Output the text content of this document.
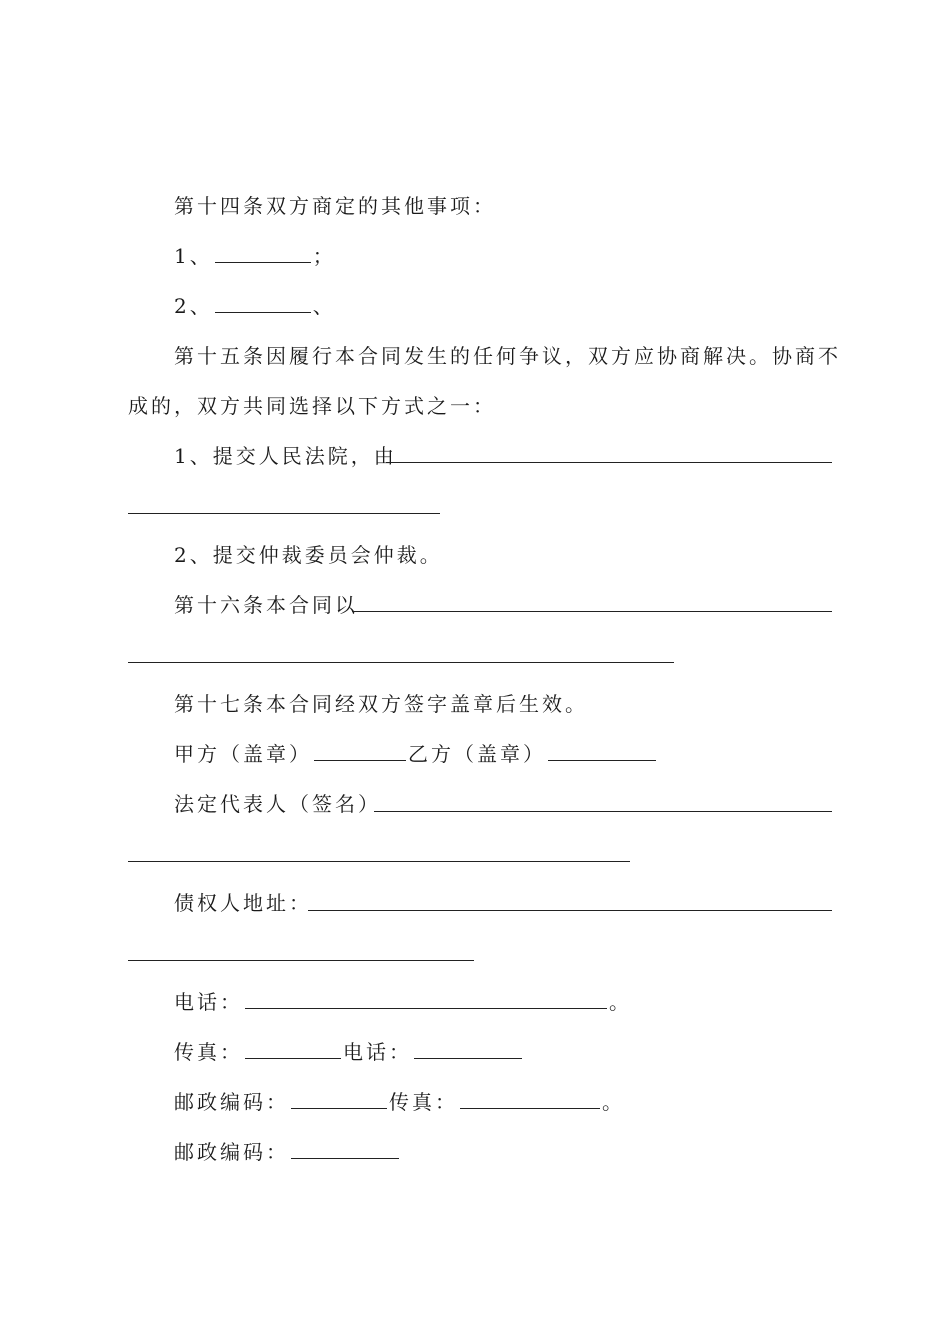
第十四条双方商定的其他事项：
1、	；
2、	、
第十五条因履行本合同发生的任何争议，双方应协商解决。协商不
成的，双方共同选择以下方式之一：
1、提交人民法院，由
2、提交仲裁委员会仲裁。
第十六条本合同以
第十七条本合同经双方签字盖章后生效。
甲方（盖章）	乙方（盖章）
法定代表人（签名）
债权人地址：
电话：	。
传真：	电话：
邮政编码：	传真：	。
邮政编码：
